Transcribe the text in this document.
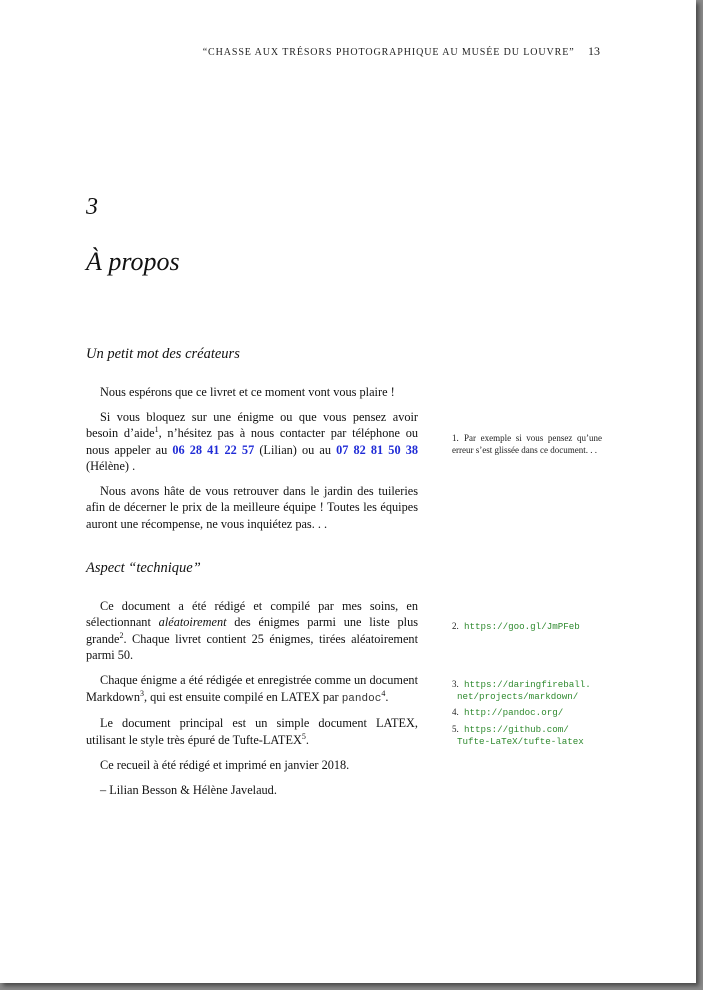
“CHASSE AUX TRÉSORS PHOTOGRAPHIQUE AU MUSÉE DU LOUVRE” 13
3
À propos
Un petit mot des créateurs

Nous espérons que ce livret et ce moment vont vous plaire !

Si vous bloquez sur une énigme ou que vous pensez avoir besoin d’aide$^1$, n’hésitez pas à nous contacter par téléphone ou nous appeler au 06 28 41 22 57 (Lilian) ou au 07 82 81 50 38 (Hélène) .

Nous avons hâte de vous retrouver dans le jardin des tuileries afin de décerner le prix de la meilleure équipe ! Toutes les équipes auront une récompense, ne vous inquiétez pas. . .

Aspect “technique”

Ce document a été rédigé et compilé par mes soins, en sélectionnant aléatoirement des énigmes parmi une liste plus grande$^2$. Chaque livret contient 25 énigmes, tirées aléatoirement parmi 50.

Chaque énigme a été rédigée et enregistrée comme un document Markdown$^3$, qui est ensuite compilé en LATEX par pandoc$^4$.

Le document principal est un simple document LATEX, utilisant le style très épuré de Tufte-LATEX$^5$.

Ce recueil à été rédigé et imprimé en janvier 2018.

– Lilian Besson & Hélène Javelaud.

1. Par exemple si vous pensez qu’une erreur s’est glissée dans ce document. . .
2. https://goo.gl/JmPFeb
3. https://daringfireball.
net/projects/markdown/
4. http://pandoc.org/
5. https://github.com/
Tufte-LaTeX/tufte-latex
